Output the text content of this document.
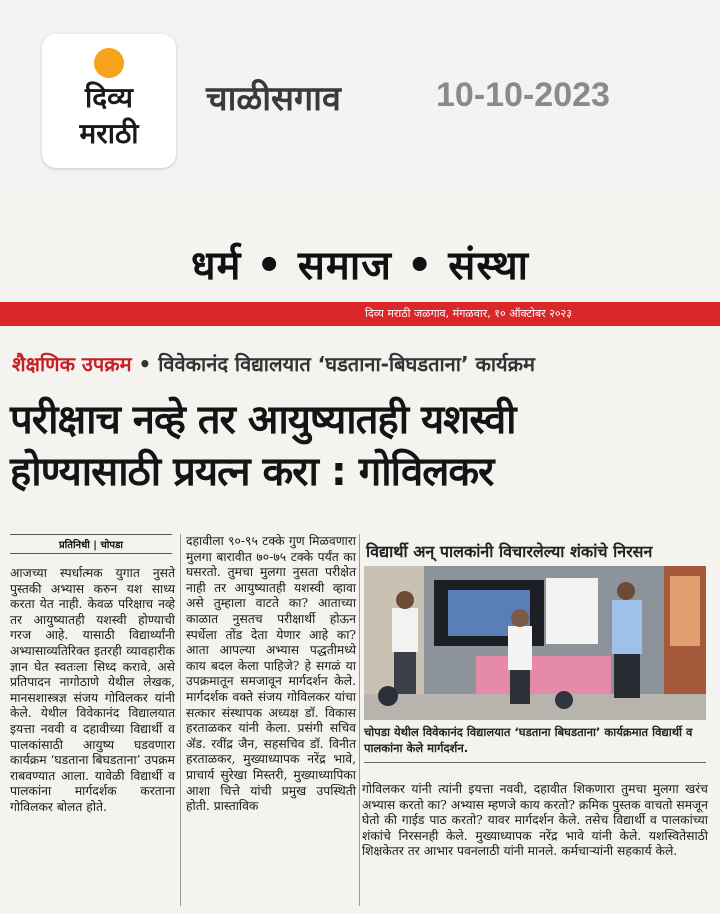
दिव्य
मराठी
चाळीसगाव	10-10-2023
धर्म • समाज • संस्था
दिव्य मराठी जळगाव, मंगळवार, १० ऑक्टोबर २०२३
शैक्षणिक उपक्रम • विवेकानंद विद्यालयात ‘घडताना-बिघडताना’ कार्यक्रम
परीक्षाच नव्हे तर आयुष्यातही यशस्वी
होण्यासाठी प्रयत्न करा : गोविलकर
प्रतिनिधी | चोपडा
आजच्या स्पर्धात्मक युगात नुसते पुस्तकी अभ्यास करुन यश साध्य करता येत नाही. केवळ परिक्षाच नव्हे तर आयुष्यातही यशस्वी होण्याची गरज आहे. यासाठी विद्यार्थ्यांनी अभ्यासाव्यतिरिक्त इतरही व्यावहारीक ज्ञान घेत स्वतःला सिध्द करावे, असे प्रतिपादन नागोठाणे येथील लेखक, मानसशास्त्रज्ञ संजय गोविलकर यांनी केले. येथील विवेकानंद विद्यालयात इयत्ता नववी व दहावीच्या विद्यार्थी व पालकांसाठी आयुष्य घडवणारा कार्यक्रम ‘घडताना बिघडताना’ उपक्रम राबवण्यात आला. यावेळी विद्यार्थी व पालकांना मार्गदर्शक करताना गोविलकर बोलत होते.
दहावीला ९०-९५ टक्के गुण मिळवणारा मुलगा बारावीत ७०-७५ टक्के पर्यंत का घसरतो. तुमचा मुलगा नुसता परीक्षेत नाही तर आयुष्यातही यशस्वी व्हावा असे तुम्हाला वाटते का? आताच्या काळात नुसतच परीक्षार्थी होऊन स्पर्धेला तोंड देता येणार आहे का? आता आपल्या अभ्यास पद्धतीमध्ये काय बदल केला पाहिजे? हे सगळं या उपक्रमातून समजावून मार्गदर्शन केले. मार्गदर्शक वक्ते संजय गोविलकर यांचा सत्कार संस्थापक अध्यक्ष डॉ. विकास हरताळकर यांनी केला. प्रसंगी सचिव ॲड. रवींद्र जैन, सहसचिव डॉ. विनीत हरताळकर, मुख्याध्यापक नरेंद्र भावे, प्राचार्य सुरेखा मिस्तरी, मुख्याध्यापिका आशा चित्ते यांची प्रमुख उपस्थिती होती. प्रास्ताविक
विद्यार्थी अन् पालकांनी विचारलेल्या शंकांचे निरसन
चोपडा येथील विवेकानंद विद्यालयात ‘घडताना बिघडताना’ कार्यक्रमात विद्यार्थी व पालकांना केले मार्गदर्शन.
गोविलकर यांनी त्यांनी इयत्ता नववी, दहावीत शिकणारा तुमचा मुलगा खरंच अभ्यास करतो का? अभ्यास म्हणजे काय करतो? क्रमिक पुस्तक वाचतो समजून घेतो की गाईड पाठ करतो? यावर मार्गदर्शन केले. तसेच विद्यार्थी व पालकांच्या शंकांचे निरसनही केले. मुख्याध्यापक नरेंद्र भावे यांनी केले. यशस्वितेसाठी शिक्षकेतर तर आभार पवनलाठी यांनी मानले. कर्मचाऱ्यांनी सहकार्य केले.
